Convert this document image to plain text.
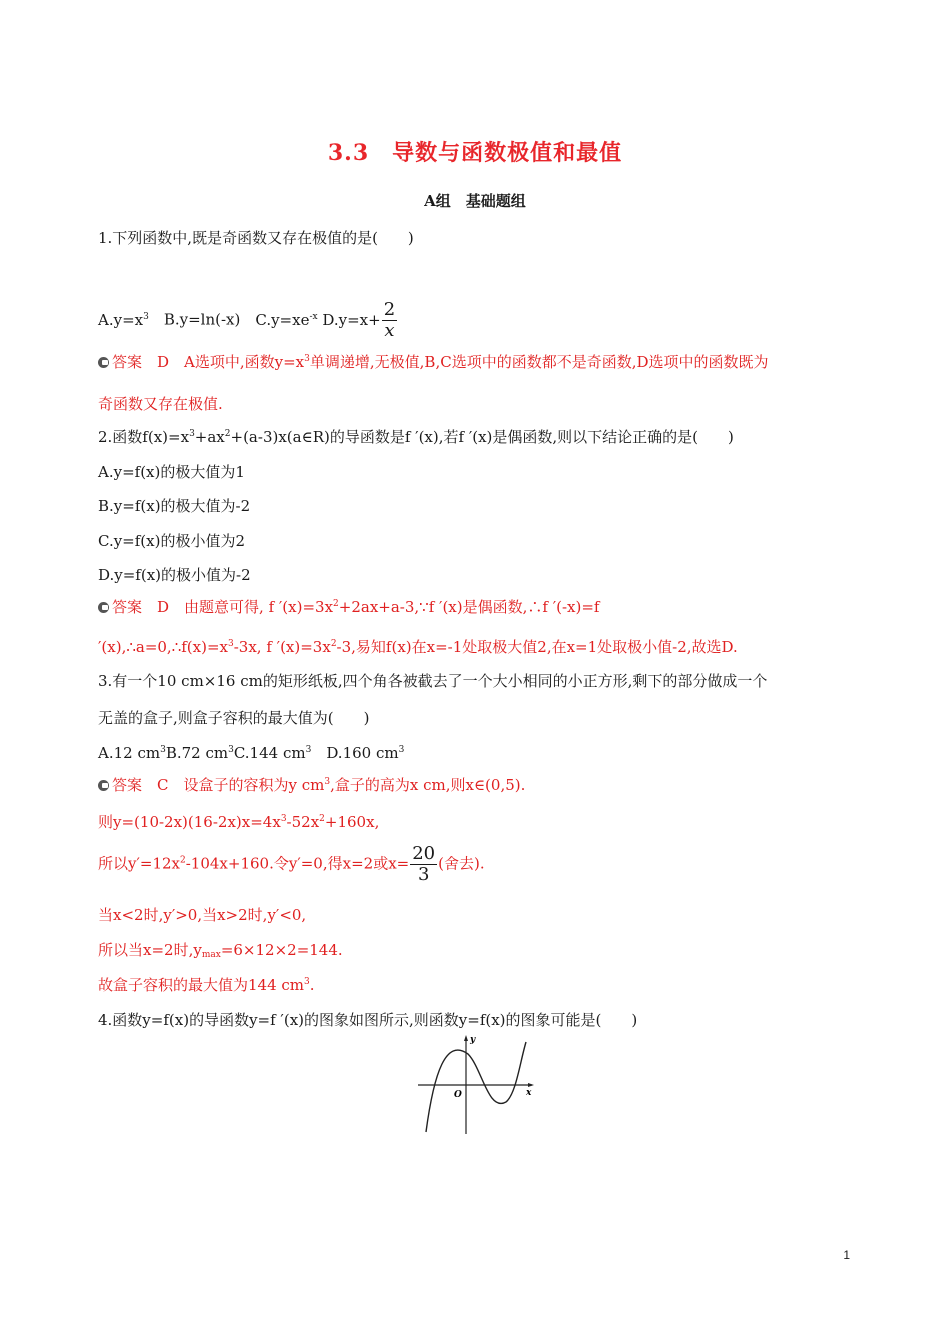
3.3　导数与函数极值和最值
A组　基础题组
1.下列函数中,既是奇函数又存在极值的是(　　)
$A.y=x^3$　B.y=ln(-x)　$C.y=xe^{-x}$ $D.y=x+ \frac{2}{x}$
答案　D　A选项中,函数$y=x^3$单调递增,无极值,B,C选项中的函数都不是奇函数,D选项中的函数既为
奇函数又存在极值.
2.函数$f(x)=x^3+ax^2+(a-3)x(a\in R)$的导函数是f ′(x),若f ′(x)是偶函数,则以下结论正确的是(　　)
A.y=f(x)的极大值为1
B.y=f(x)的极大值为-2
C.y=f(x)的极小值为2
D.y=f(x)的极小值为-2
答案　D　由题意可得, f $'(x)=3x^2+2ax+a-3,\because f$ ′(x)是偶函数,∴f ′(-x)=f
$'(x),\therefore a=0,\therefore f(x)=x^3-3x$, f $'(x)=3x^2-3$,易知f(x)在x=-1处取极大值2,在x=1处取极小值-2,故选D.
3.有一个10 cm×16 cm的矩形纸板,四个角各被截去了一个大小相同的小正方形,剩下的部分做成一个
无盖的盒子,则盒子容积的最大值为(　　)
A.12 $cm^3B.72$ $cm^3C.144$ $cm^3$　D.160 $cm^3$
答案　C　设盒子的容积为y $cm^3$,盒子的高为x cm,则x∈(0,5).
则$y=(10-2x)(16-2x)x=4x^3-52x^2+160x$,
所以$y'=12x^2-104x+160$.令y′=0,得x=2或$x= \frac{20}{3}$ (舍去).
当x<2时,y′>0,当x>2时,y′<0,
所以当x=2时$,y_{max}=6\times 12\times 2=144$.
故盒子容积的最大值为144 $cm^3$.
4.函数y=f(x)的导函数y=f ′(x)的图象如图所示,则函数y=f(x)的图象可能是(　　)
y
x
O
1
